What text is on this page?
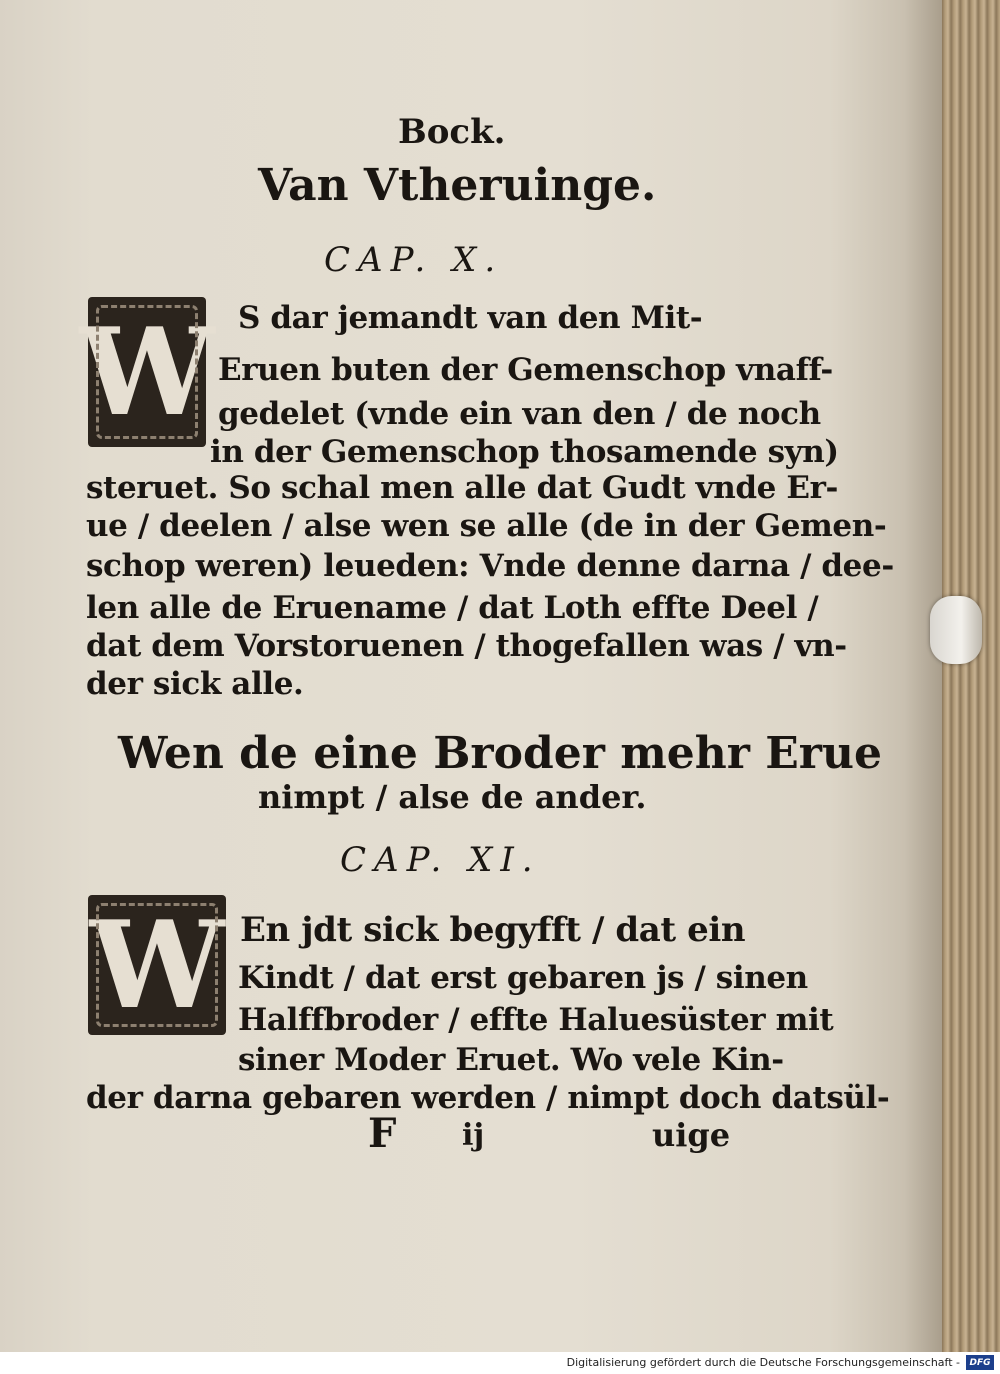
Bock.
Van Vtheruinge.
CAP. X.
W S dar jemandt van den Mit-
Eruen buten der Gemenschop vnaff-
gedelet (vnde ein van den / de noch
in der Gemenschop thosamende syn)
steruet. So schal men alle dat Gudt vnde Er-
ue / deelen / alse wen se alle (de in der Gemen-
schop weren) leueden: Vnde denne darna / dee-
len alle de Eruename / dat Loth effte Deel /
dat dem Vorstoruenen / thogefallen was / vn-
der sick alle.
Wen de eine Broder mehr Erue
nimpt / alse de ander.
CAP. XI.
W En jdt sick begyfft / dat ein
Kindt / dat erst gebaren js / sinen
Halffbroder / effte Haluesüster mit
siner Moder Eruet. Wo vele Kin-
der darna gebaren werden / nimpt doch datsül-
F ij	uige
Digitalisierung gefördert durch die Deutsche Forschungsgemeinschaft -	DFG
